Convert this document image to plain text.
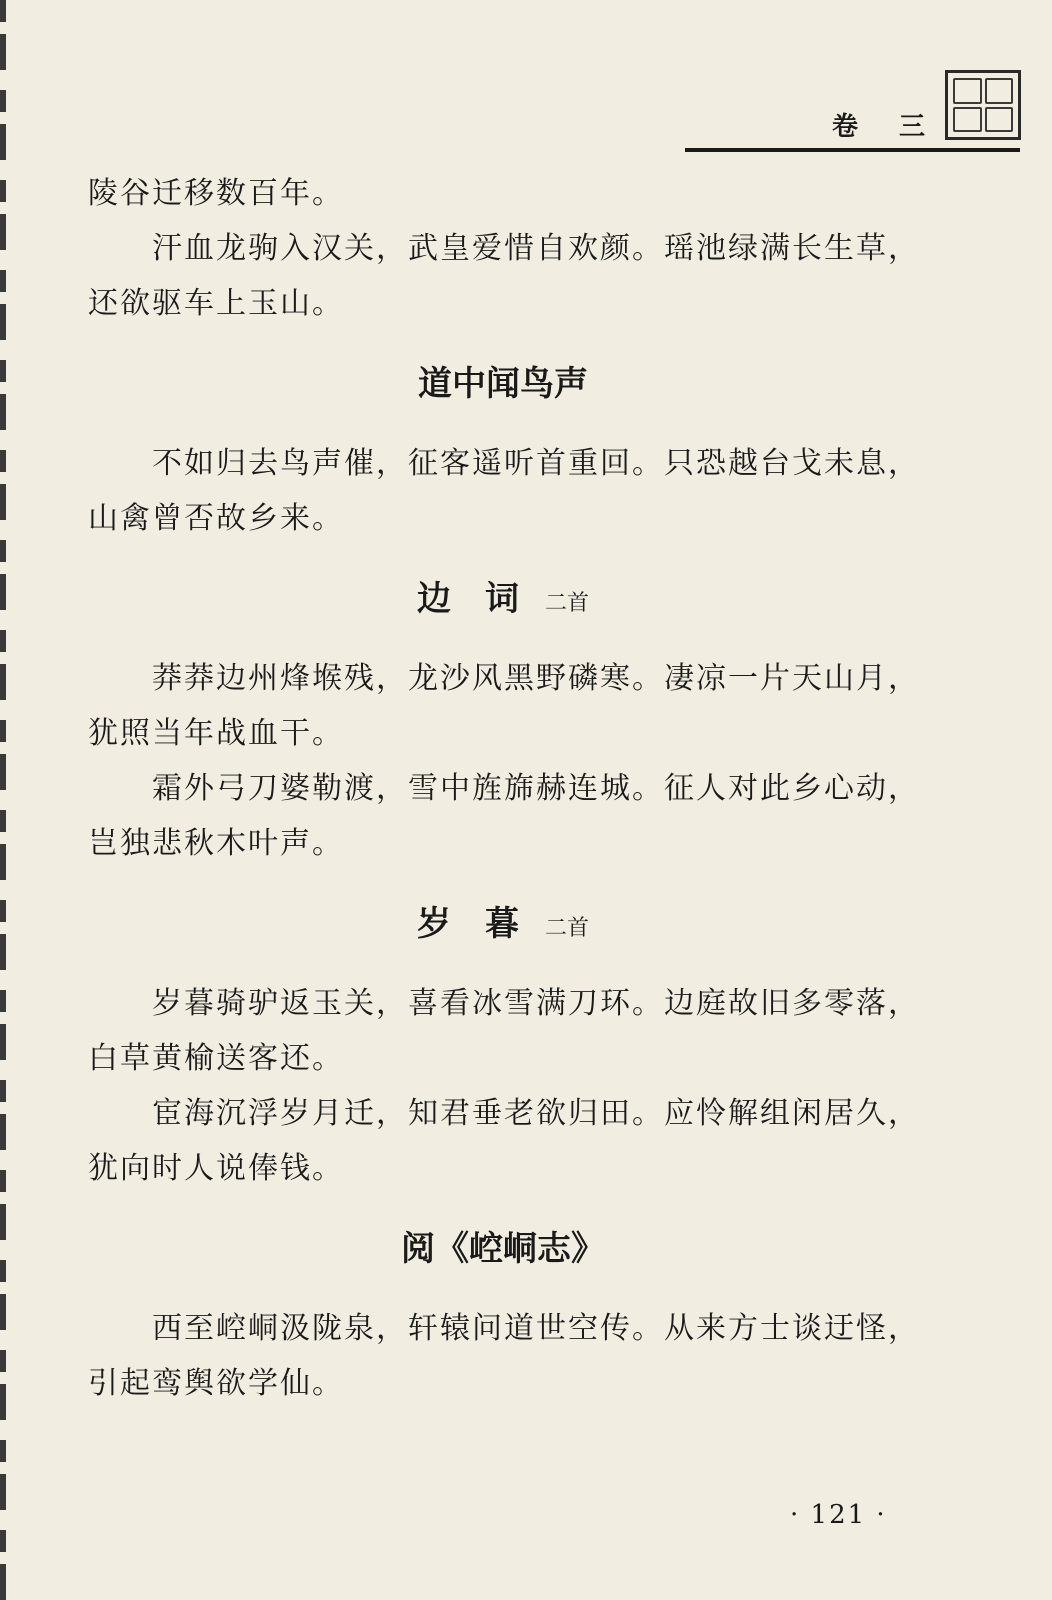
卷 三
陵谷迁移数百年。
汗血龙驹入汉关，武皇爱惜自欢颜。瑶池绿满长生草，
还欲驱车上玉山。
道中闻鸟声
不如归去鸟声催，征客遥听首重回。只恐越台戈未息，
山禽曾否故乡来。
边　词 二首
莽莽边州烽堠残，龙沙风黑野磷寒。凄凉一片天山月，
犹照当年战血干。
霜外弓刀婆勒渡，雪中旌旆赫连城。征人对此乡心动，
岂独悲秋木叶声。
岁　暮 二首
岁暮骑驴返玉关，喜看冰雪满刀环。边庭故旧多零落，
白草黄榆送客还。
宦海沉浮岁月迁，知君垂老欲归田。应怜解组闲居久，
犹向时人说俸钱。
阅《崆峒志》
西至崆峒汲陇泉，轩辕问道世空传。从来方士谈迂怪，
引起鸾舆欲学仙。
· 121 ·
